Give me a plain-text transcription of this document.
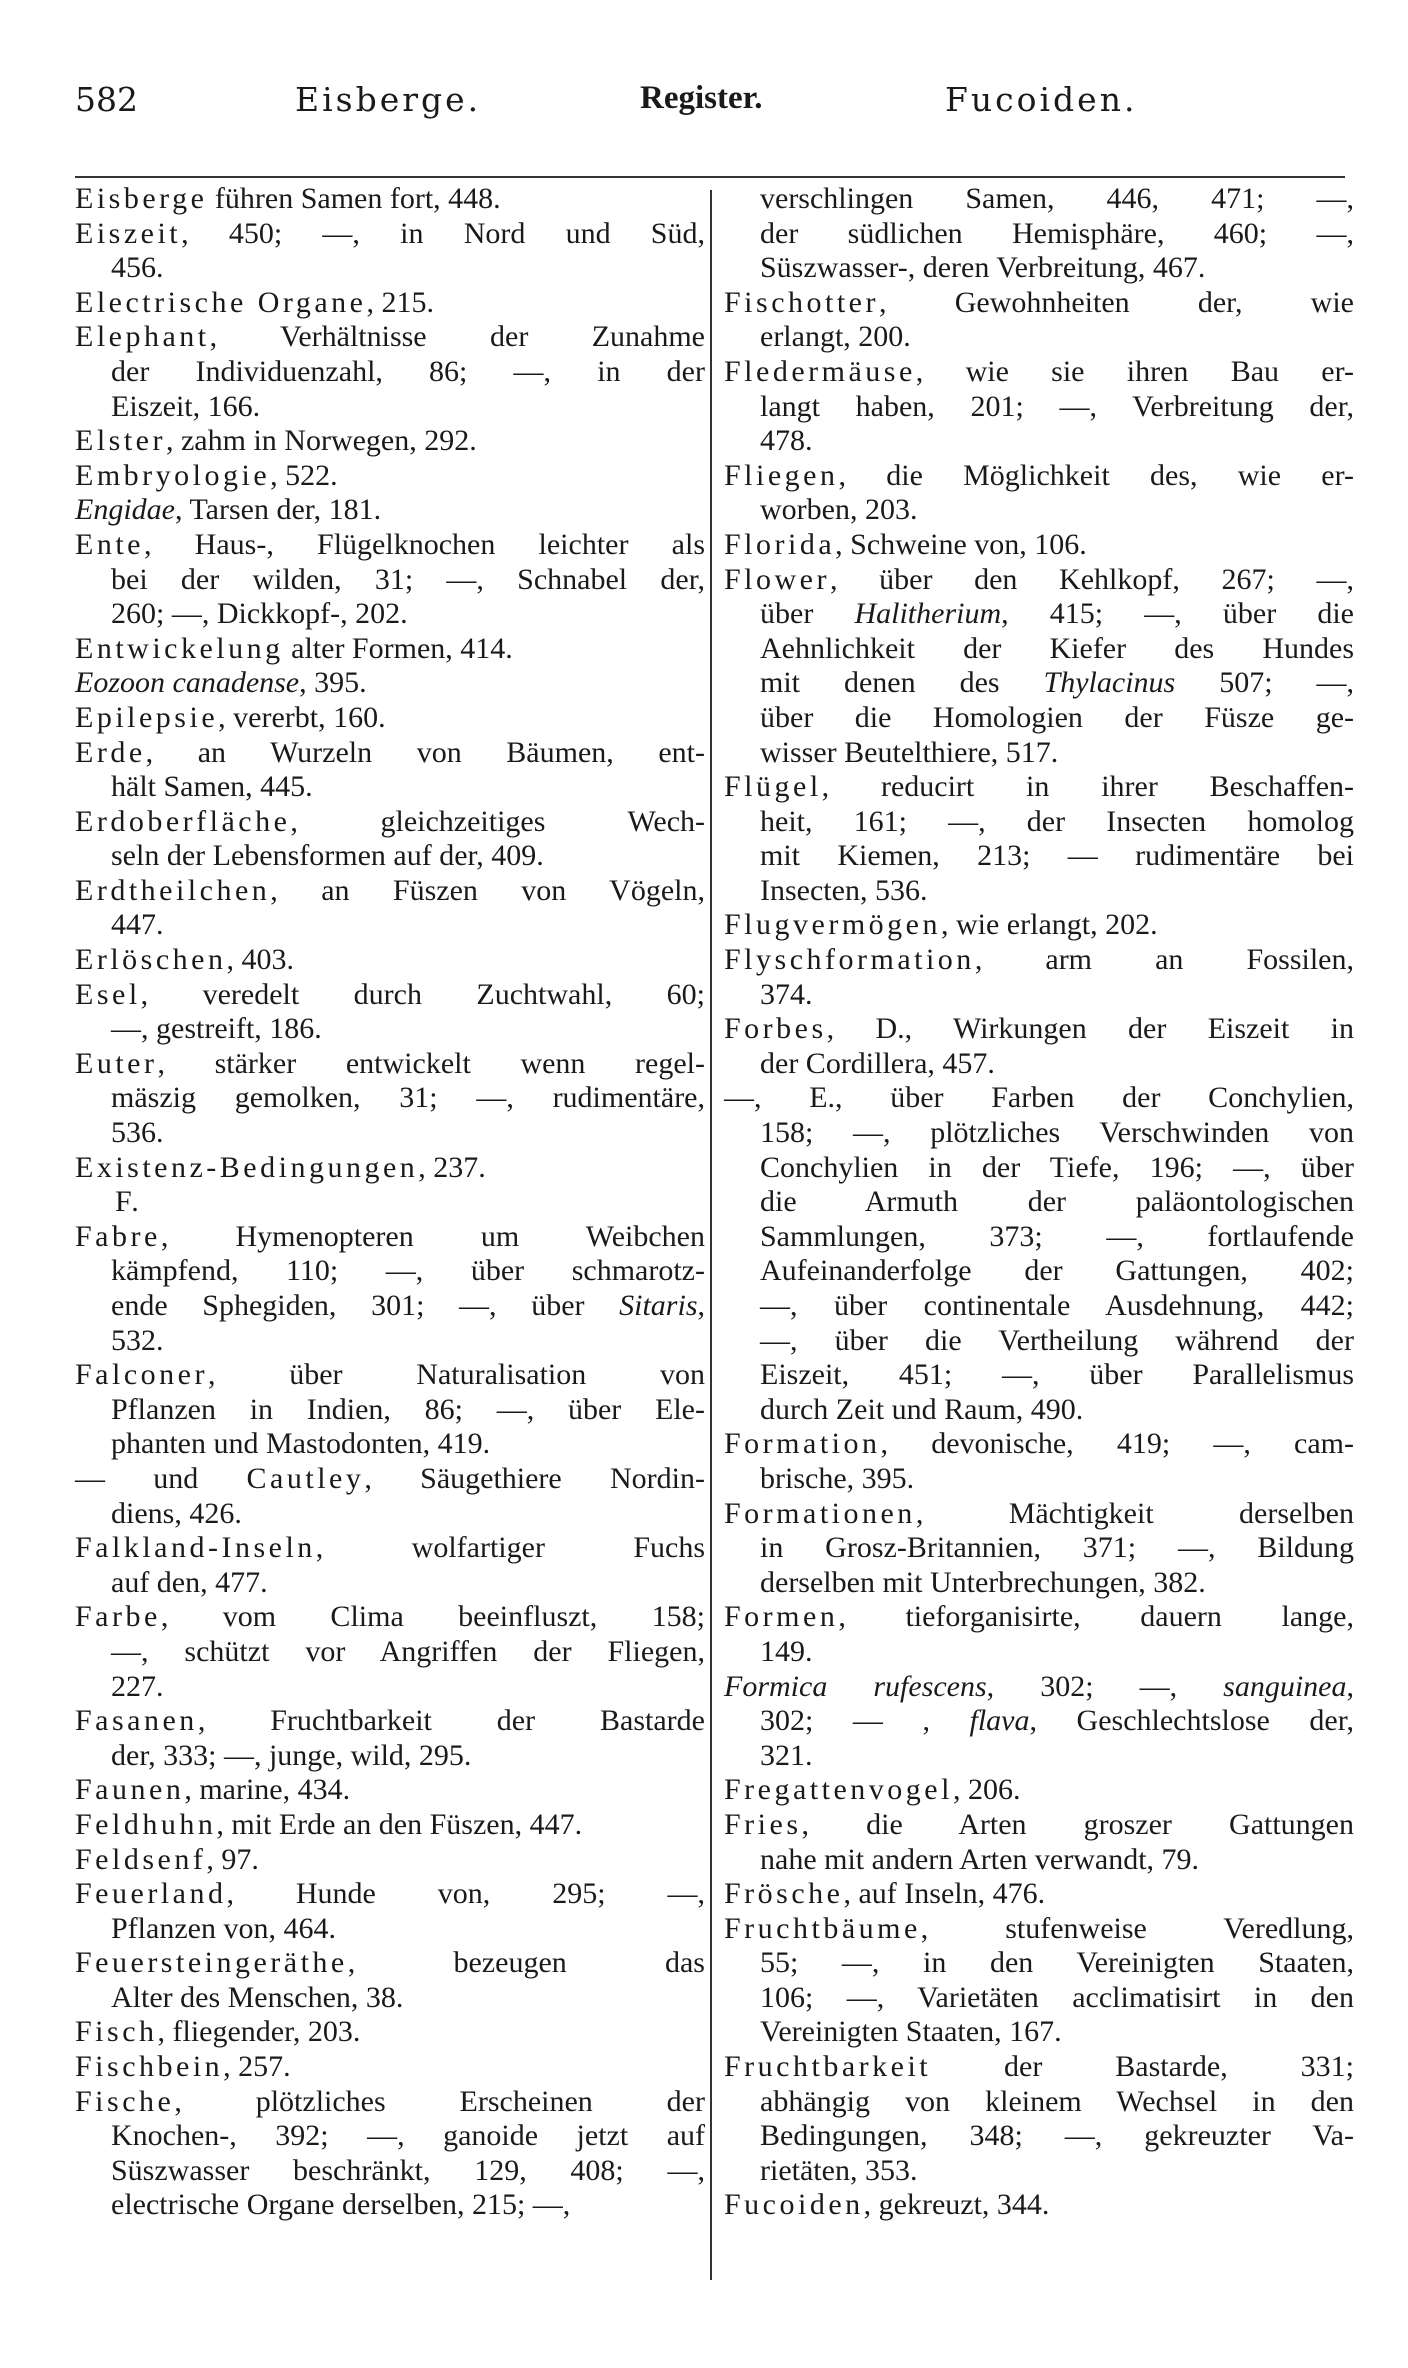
582	Eisberge.	Register.	Fucoiden.
Eisberge führen Samen fort, 448.
Eiszeit, 450; —, in Nord und Süd,
456.
Electrische Organe, 215.
Elephant, Verhältnisse der Zunahme
der Individuenzahl, 86; —, in der
Eiszeit, 166.
Elster, zahm in Norwegen, 292.
Embryologie, 522.
Engidae, Tarsen der, 181.
Ente, Haus-, Flügelknochen leichter als
bei der wilden, 31; —, Schnabel der,
260; —, Dickkopf-, 202.
Entwickelung alter Formen, 414.
Eozoon canadense, 395.
Epilepsie, vererbt, 160.
Erde, an Wurzeln von Bäumen, ent-
hält Samen, 445.
Erdoberfläche, gleichzeitiges Wech-
seln der Lebensformen auf der, 409.
Erdtheilchen, an Füszen von Vögeln,
447.
Erlöschen, 403.
Esel, veredelt durch Zuchtwahl, 60;
—, gestreift, 186.
Euter, stärker entwickelt wenn regel-
mäszig gemolken, 31; —, rudimentäre,
536.
Existenz-Bedingungen, 237.
F.
Fabre, Hymenopteren um Weibchen
kämpfend, 110; —, über schmarotz-
ende Sphegiden, 301; —, über Sitaris,
532.
Falconer, über Naturalisation von
Pflanzen in Indien, 86; —, über Ele-
phanten und Mastodonten, 419.
— und Cautley, Säugethiere Nordin-
diens, 426.
Falkland-Inseln, wolfartiger Fuchs
auf den, 477.
Farbe, vom Clima beeinfluszt, 158;
—, schützt vor Angriffen der Fliegen,
227.
Fasanen, Fruchtbarkeit der Bastarde
der, 333; —, junge, wild, 295.
Faunen, marine, 434.
Feldhuhn, mit Erde an den Füszen, 447.
Feldsenf, 97.
Feuerland, Hunde von, 295; —,
Pflanzen von, 464.
Feuersteingeräthe, bezeugen das
Alter des Menschen, 38.
Fisch, fliegender, 203.
Fischbein, 257.
Fische, plötzliches Erscheinen der
Knochen-, 392; —, ganoide jetzt auf
Süszwasser beschränkt, 129, 408; —,
electrische Organe derselben, 215; —,
verschlingen Samen, 446, 471; —,
der südlichen Hemisphäre, 460; —,
Süszwasser-, deren Verbreitung, 467.
Fischotter, Gewohnheiten der, wie
erlangt, 200.
Fledermäuse, wie sie ihren Bau er-
langt haben, 201; —, Verbreitung der,
478.
Fliegen, die Möglichkeit des, wie er-
worben, 203.
Florida, Schweine von, 106.
Flower, über den Kehlkopf, 267; —,
über Halitherium, 415; —, über die
Aehnlichkeit der Kiefer des Hundes
mit denen des Thylacinus 507; —,
über die Homologien der Füsze ge-
wisser Beutelthiere, 517.
Flügel, reducirt in ihrer Beschaffen-
heit, 161; —, der Insecten homolog
mit Kiemen, 213; — rudimentäre bei
Insecten, 536.
Flugvermögen, wie erlangt, 202.
Flyschformation, arm an Fossilen,
374.
Forbes, D., Wirkungen der Eiszeit in
der Cordillera, 457.
—, E., über Farben der Conchylien,
158; —, plötzliches Verschwinden von
Conchylien in der Tiefe, 196; —, über
die Armuth der paläontologischen
Sammlungen, 373; —, fortlaufende
Aufeinanderfolge der Gattungen, 402;
—, über continentale Ausdehnung, 442;
—, über die Vertheilung während der
Eiszeit, 451; —, über Parallelismus
durch Zeit und Raum, 490.
Formation, devonische, 419; —, cam-
brische, 395.
Formationen, Mächtigkeit derselben
in Grosz-Britannien, 371; —, Bildung
derselben mit Unterbrechungen, 382.
Formen, tieforganisirte, dauern lange,
149.
Formica rufescens, 302; —, sanguinea,
302; — , flava, Geschlechtslose der,
321.
Fregattenvogel, 206.
Fries, die Arten groszer Gattungen
nahe mit andern Arten verwandt, 79.
Frösche, auf Inseln, 476.
Fruchtbäume, stufenweise Veredlung,
55; —, in den Vereinigten Staaten,
106; —, Varietäten acclimatisirt in den
Vereinigten Staaten, 167.
Fruchtbarkeit der Bastarde, 331;
abhängig von kleinem Wechsel in den
Bedingungen, 348; —, gekreuzter Va-
rietäten, 353.
Fucoiden, gekreuzt, 344.
